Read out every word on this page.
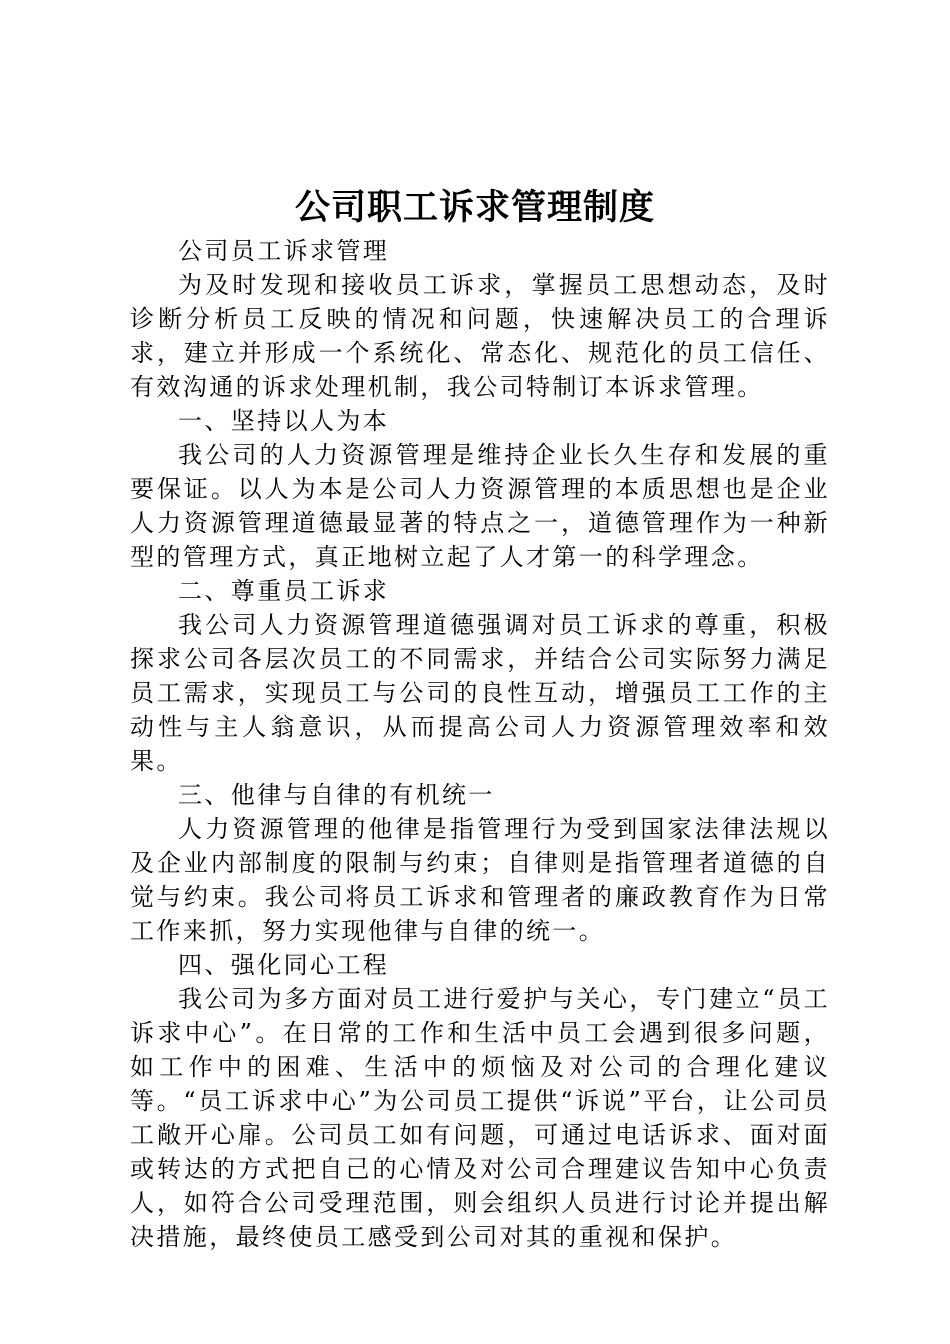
公司职工诉求管理制度

公司员工诉求管理

为及时发现和接收员工诉求，掌握员工思想动态，及时诊断分析员工反映的情况和问题，快速解决员工的合理诉求，建立并形成一个系统化、常态化、规范化的员工信任、有效沟通的诉求处理机制，我公司特制订本诉求管理。

一、坚持以人为本

我公司的人力资源管理是维持企业长久生存和发展的重要保证。以人为本是公司人力资源管理的本质思想也是企业人力资源管理道德最显著的特点之一，道德管理作为一种新型的管理方式，真正地树立起了人才第一的科学理念。

二、尊重员工诉求

我公司人力资源管理道德强调对员工诉求的尊重，积极探求公司各层次员工的不同需求，并结合公司实际努力满足员工需求，实现员工与公司的良性互动，增强员工工作的主动性与主人翁意识，从而提高公司人力资源管理效率和效果。

三、他律与自律的有机统一

人力资源管理的他律是指管理行为受到国家法律法规以及企业内部制度的限制与约束；自律则是指管理者道德的自觉与约束。我公司将员工诉求和管理者的廉政教育作为日常工作来抓，努力实现他律与自律的统一。

四、强化同心工程

我公司为多方面对员工进行爱护与关心，专门建立“员工诉求中心”。在日常的工作和生活中员工会遇到很多问题，如工作中的困难、生活中的烦恼及对公司的合理化建议等。“员工诉求中心”为公司员工提供“诉说”平台，让公司员工敞开心扉。公司员工如有问题，可通过电话诉求、面对面或转达的方式把自己的心情及对公司合理建议告知中心负责人，如符合公司受理范围，则会组织人员进行讨论并提出解决措施，最终使员工感受到公司对其的重视和保护。
